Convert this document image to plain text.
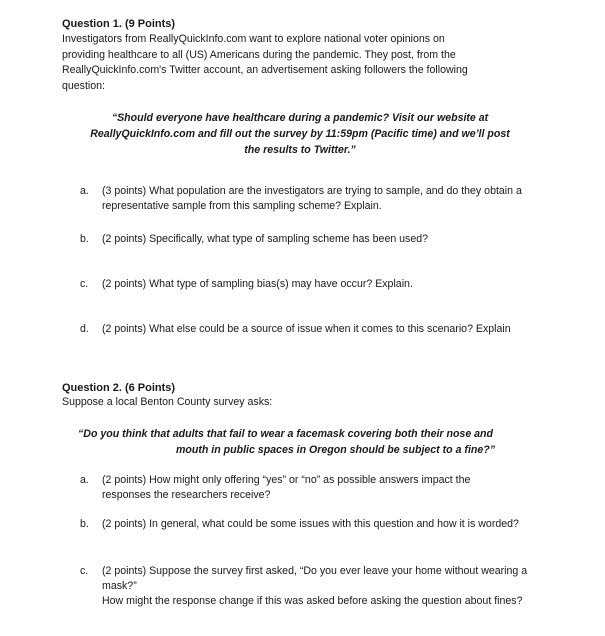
Question 1. (9 Points)
Investigators from ReallyQuickInfo.com want to explore national voter opinions on
providing healthcare to all (US) Americans during the pandemic. They post, from the
ReallyQuickInfo.com's Twitter account, an advertisement asking followers the following
question:
“Should everyone have healthcare during a pandemic? Visit our website at
ReallyQuickInfo.com and fill out the survey by 11:59pm (Pacific time) and we’ll post
the results to Twitter.”
a. (3 points) What population are the investigators are trying to sample, and do they obtain a
representative sample from this sampling scheme? Explain.
b. (2 points) Specifically, what type of sampling scheme has been used?
c. (2 points) What type of sampling bias(s) may have occur? Explain.
d. (2 points) What else could be a source of issue when it comes to this scenario? Explain
Question 2. (6 Points)
Suppose a local Benton County survey asks:
“Do you think that adults that fail to wear a facemask covering both their nose and
mouth in public spaces in Oregon should be subject to a fine?”
a. (2 points) How might only offering “yes” or “no” as possible answers impact the
responses the researchers receive?
b. (2 points) In general, what could be some issues with this question and how it is worded?
c. (2 points) Suppose the survey first asked, “Do you ever leave your home without wearing a
mask?”
How might the response change if this was asked before asking the question about fines?
